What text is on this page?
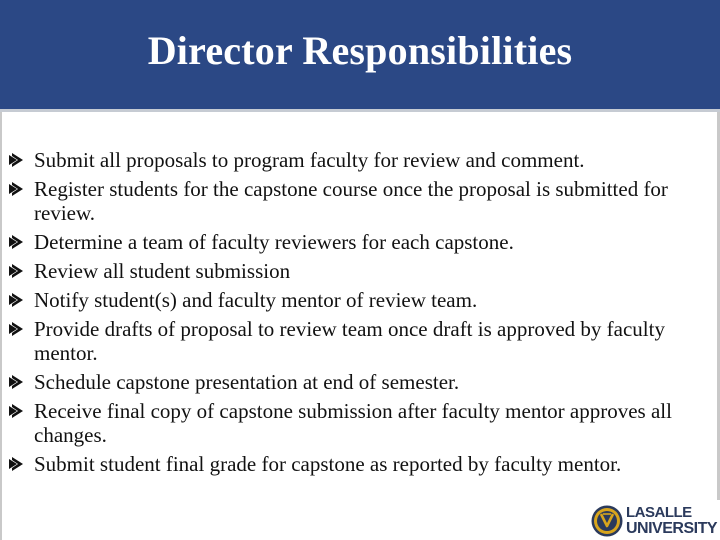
Director Responsibilities
Submit all proposals to program faculty for review and comment.
Register students for the capstone course once the proposal is submitted for review.
Determine a team of faculty reviewers for each capstone.
Review all student submission
Notify student(s) and faculty mentor of review team.
Provide drafts of proposal to review team once draft is approved by faculty mentor.
Schedule capstone presentation at end of semester.
Receive final copy of capstone submission after faculty mentor approves all changes.
Submit student final grade for capstone as reported by faculty mentor.
LASALLE
UNIVERSITY
